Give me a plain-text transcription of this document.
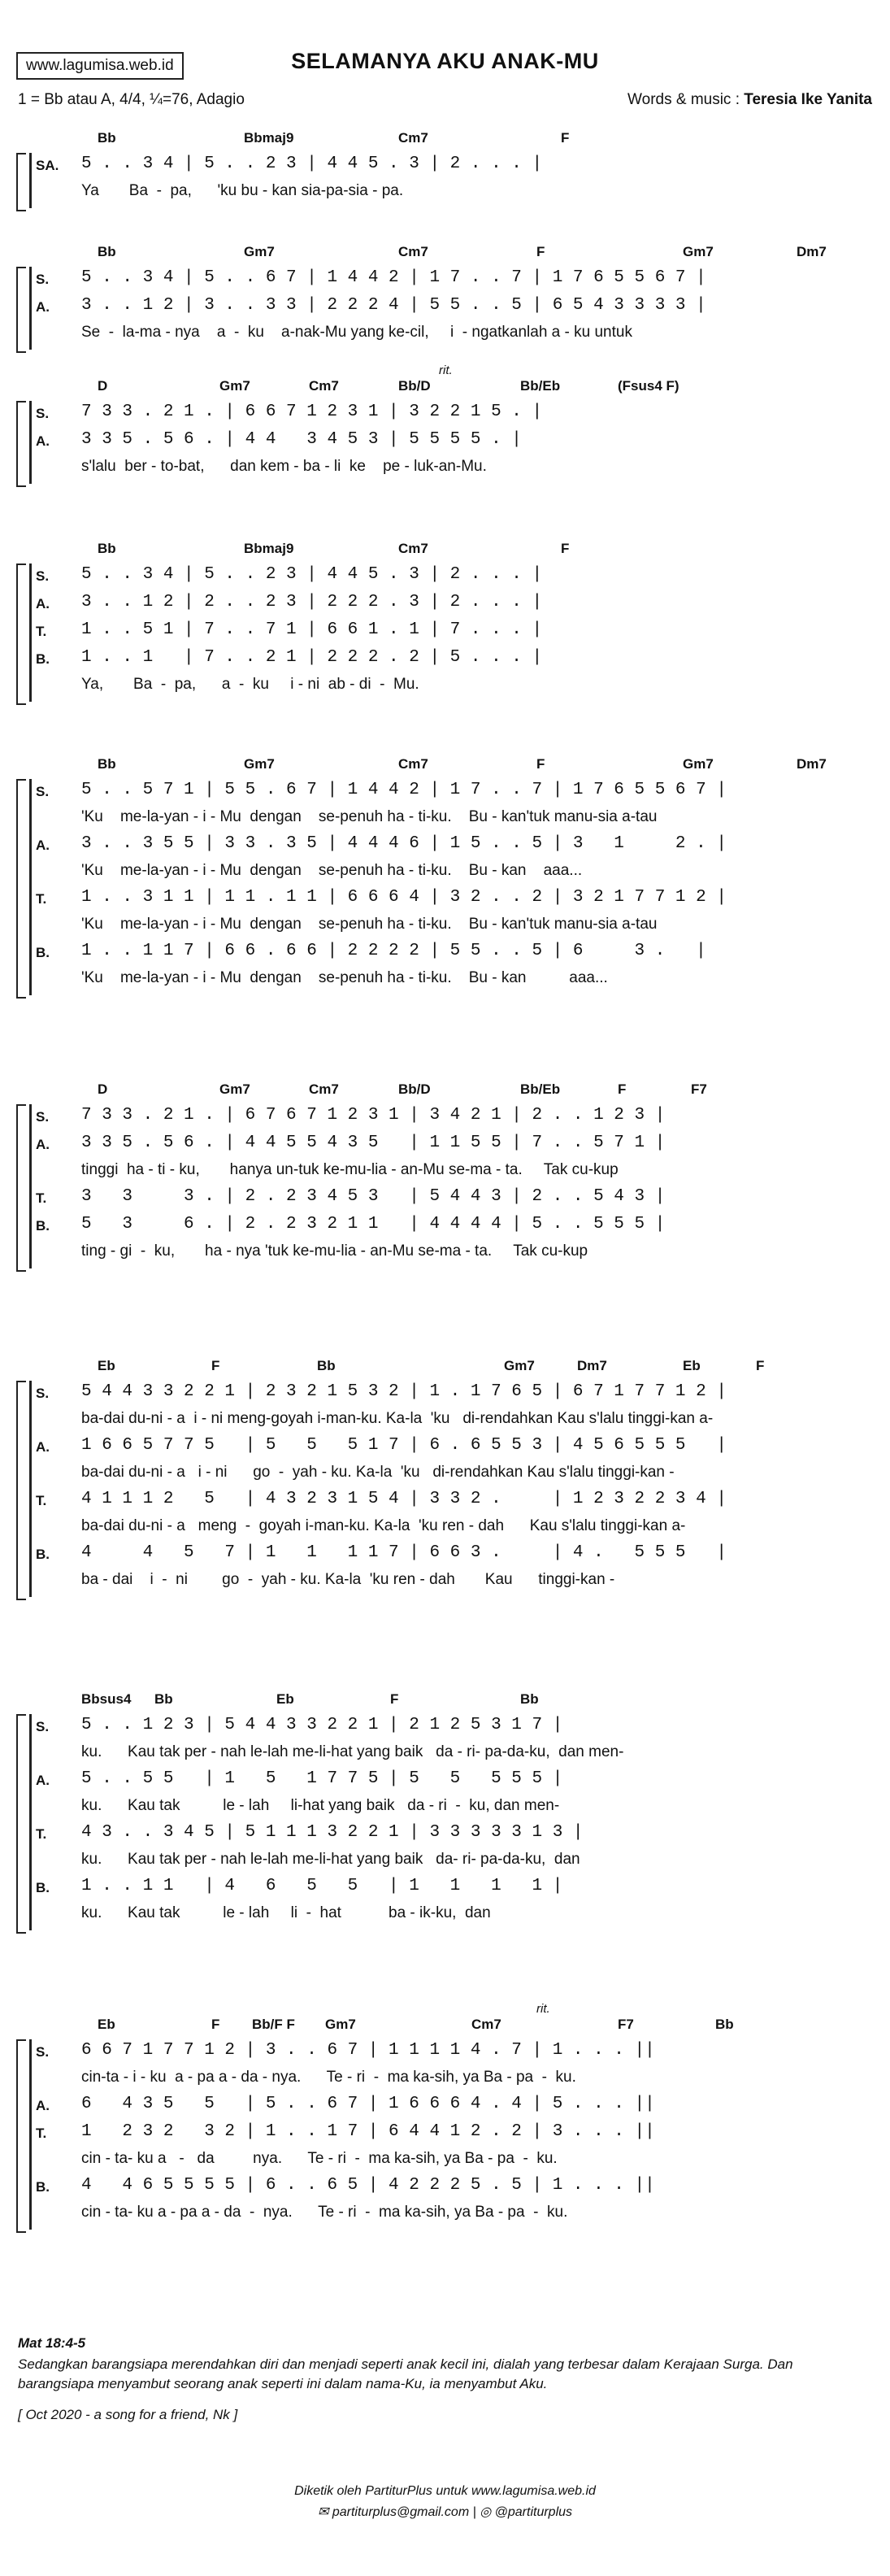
www.lagumisa.web.id	SELAMANYA AKU ANAK-MU
1 = Bb atau A, 4/4, ¼=76, Adagio	Words & music : Teresia Ike Yanita
Bb	Bbmaj9	Cm7	F
SA. 5 . . 3 4 | 5 . . 2 3 | 4 4 5 . 3 | 2 . . . |
Ya       Ba  -  pa,      'ku bu - kan sia-pa-sia - pa.
Bb	Gm7	Cm7	F	Gm7	Dm7
S. 5 . . 3 4 | 5 . . 6 7 | 1 4 4 2 | 1 7 . . 7 | 1 7 6 5 5 6 7 |
A. 3 . . 1 2 | 3 . . 3 3 | 2 2 2 4 | 5 5 . . 5 | 6 5 4 3 3 3 3 |
Se  -  la-ma - nya    a  -  ku    a-nak-Mu yang ke-cil,     i  - ngatkanlah a - ku untuk
D	Gm7	Cm7	Bb/D	Bb/Eb	(Fsus4 F)
rit.
S. 7 3 3 . 2 1 . | 6 6 7 1 2 3 1 | 3 2 2 1 5 . |
A. 3 3 5 . 5 6 . | 4 4   3 4 5 3 | 5 5 5 5 . |
s'lalu  ber - to-bat,      dan kem - ba - li  ke    pe - luk-an-Mu.
Bb	Bbmaj9	Cm7	F
S. 5 . . 3 4 | 5 . . 2 3 | 4 4 5 . 3 | 2 . . . |
A. 3 . . 1 2 | 2 . . 2 3 | 2 2 2 . 3 | 2 . . . |
T. 1 . . 5 1 | 7 . . 7 1 | 6 6 1 . 1 | 7 . . . |
B. 1 . . 1   | 7 . . 2 1 | 2 2 2 . 2 | 5 . . . |
Ya,       Ba  -  pa,      a  -  ku     i - ni  ab - di  -  Mu.
Bb	Gm7	Cm7	F	Gm7	Dm7
S. 5 . . 5 7 1 | 5 5 . 6 7 | 1 4 4 2 | 1 7 . . 7 | 1 7 6 5 5 6 7 |
'Ku    me-la-yan - i - Mu  dengan    se-penuh ha - ti-ku.    Bu - kan'tuk manu-sia a-tau
A. 3 . . 3 5 5 | 3 3 . 3 5 | 4 4 4 6 | 1 5 . . 5 | 3   1     2 . |
'Ku    me-la-yan - i - Mu  dengan    se-penuh ha - ti-ku.    Bu - kan    aaa...
T. 1 . . 3 1 1 | 1 1 . 1 1 | 6 6 6 4 | 3 2 . . 2 | 3 2 1 7 7 1 2 |
'Ku    me-la-yan - i - Mu  dengan    se-penuh ha - ti-ku.    Bu - kan'tuk manu-sia a-tau
B. 1 . . 1 1 7 | 6 6 . 6 6 | 2 2 2 2 | 5 5 . . 5 | 6     3 .   |
'Ku    me-la-yan - i - Mu  dengan    se-penuh ha - ti-ku.    Bu - kan          aaa...
D	Gm7	Cm7	Bb/D	Bb/Eb	F	F7
S. 7 3 3 . 2 1 . | 6 7 6 7 1 2 3 1 | 3 4 2 1 | 2 . . 1 2 3 |
A. 3 3 5 . 5 6 . | 4 4 5 5 4 3 5   | 1 1 5 5 | 7 . . 5 7 1 |
tinggi  ha - ti - ku,       hanya un-tuk ke-mu-lia - an-Mu se-ma - ta.     Tak cu-kup
T. 3   3     3 . | 2 . 2 3 4 5 3   | 5 4 4 3 | 2 . . 5 4 3 |
B. 5   3     6 . | 2 . 2 3 2 1 1   | 4 4 4 4 | 5 . . 5 5 5 |
ting - gi  -  ku,       ha - nya 'tuk ke-mu-lia - an-Mu se-ma - ta.     Tak cu-kup
Eb	F	Bb	Gm7	Dm7	Eb	F
S. 5 4 4 3 3 2 2 1 | 2 3 2 1 5 3 2 | 1 . 1 7 6 5 | 6 7 1 7 7 1 2 |
ba-dai du-ni - a  i - ni meng-goyah i-man-ku. Ka-la  'ku   di-rendahkan Kau s'lalu tinggi-kan a-
A. 1 6 6 5 7 7 5   | 5   5   5 1 7 | 6 . 6 5 5 3 | 4 5 6 5 5 5   |
ba-dai du-ni - a   i - ni      go  -  yah - ku. Ka-la  'ku   di-rendahkan Kau s'lalu tinggi-kan -
T. 4 1 1 1 2   5   | 4 3 2 3 1 5 4 | 3 3 2 .     | 1 2 3 2 2 3 4 |
ba-dai du-ni - a   meng  -  goyah i-man-ku. Ka-la  'ku ren - dah      Kau s'lalu tinggi-kan a-
B. 4     4   5   7 | 1   1   1 1 7 | 6 6 3 .     | 4 .   5 5 5   |
ba - dai    i  -  ni        go  -  yah - ku. Ka-la  'ku ren - dah       Kau      tinggi-kan -
Bbsus4 Bb	Eb	F	Bb
S. 5 . . 1 2 3 | 5 4 4 3 3 2 2 1 | 2 1 2 5 3 1 7 |
ku.      Kau tak per - nah le-lah me-li-hat yang baik   da - ri- pa-da-ku,  dan men-
A. 5 . . 5 5   | 1   5   1 7 7 5 | 5   5   5 5 5 |
ku.      Kau tak          le - lah     li-hat yang baik   da - ri  -  ku, dan men-
T. 4 3 . . 3 4 5 | 5 1 1 1 3 2 2 1 | 3 3 3 3 3 1 3 |
ku.      Kau tak per - nah le-lah me-li-hat yang baik   da- ri- pa-da-ku,  dan
B. 1 . . 1 1   | 4   6   5   5   | 1   1   1   1 |
ku.      Kau tak          le - lah     li  -  hat           ba - ik-ku,  dan
Eb	F Bb/F F Gm7	Cm7	F7	Bb
rit.
S. 6 6 7 1 7 7 1 2 | 3 . . 6 7 | 1 1 1 1 4 . 7 | 1 . . . ||
cin-ta - i - ku  a - pa a - da - nya.      Te - ri  -  ma ka-sih, ya Ba - pa  -  ku.
A. 6   4 3 5   5   | 5 . . 6 7 | 1 6 6 6 4 . 4 | 5 . . . ||
T. 1   2 3 2   3 2 | 1 . . 1 7 | 6 4 4 1 2 . 2 | 3 . . . ||
cin - ta- ku a   -   da         nya.      Te - ri  -  ma ka-sih, ya Ba - pa  -  ku.
B. 4   4 6 5 5 5 5 | 6 . . 6 5 | 4 2 2 2 5 . 5 | 1 . . . ||
cin - ta- ku a - pa a - da  -  nya.      Te - ri  -  ma ka-sih, ya Ba - pa  -  ku.
Mat 18:4-5
Sedangkan barangsiapa merendahkan diri dan menjadi seperti anak kecil ini, dialah yang terbesar dalam Kerajaan Surga. Dan barangsiapa menyambut seorang anak seperti ini dalam nama-Ku, ia menyambut Aku.
[ Oct 2020 - a song for a friend, Nk ]
Diketik oleh PartiturPlus untuk www.lagumisa.web.id
✉ partiturplus@gmail.com | ◎ @partiturplus
